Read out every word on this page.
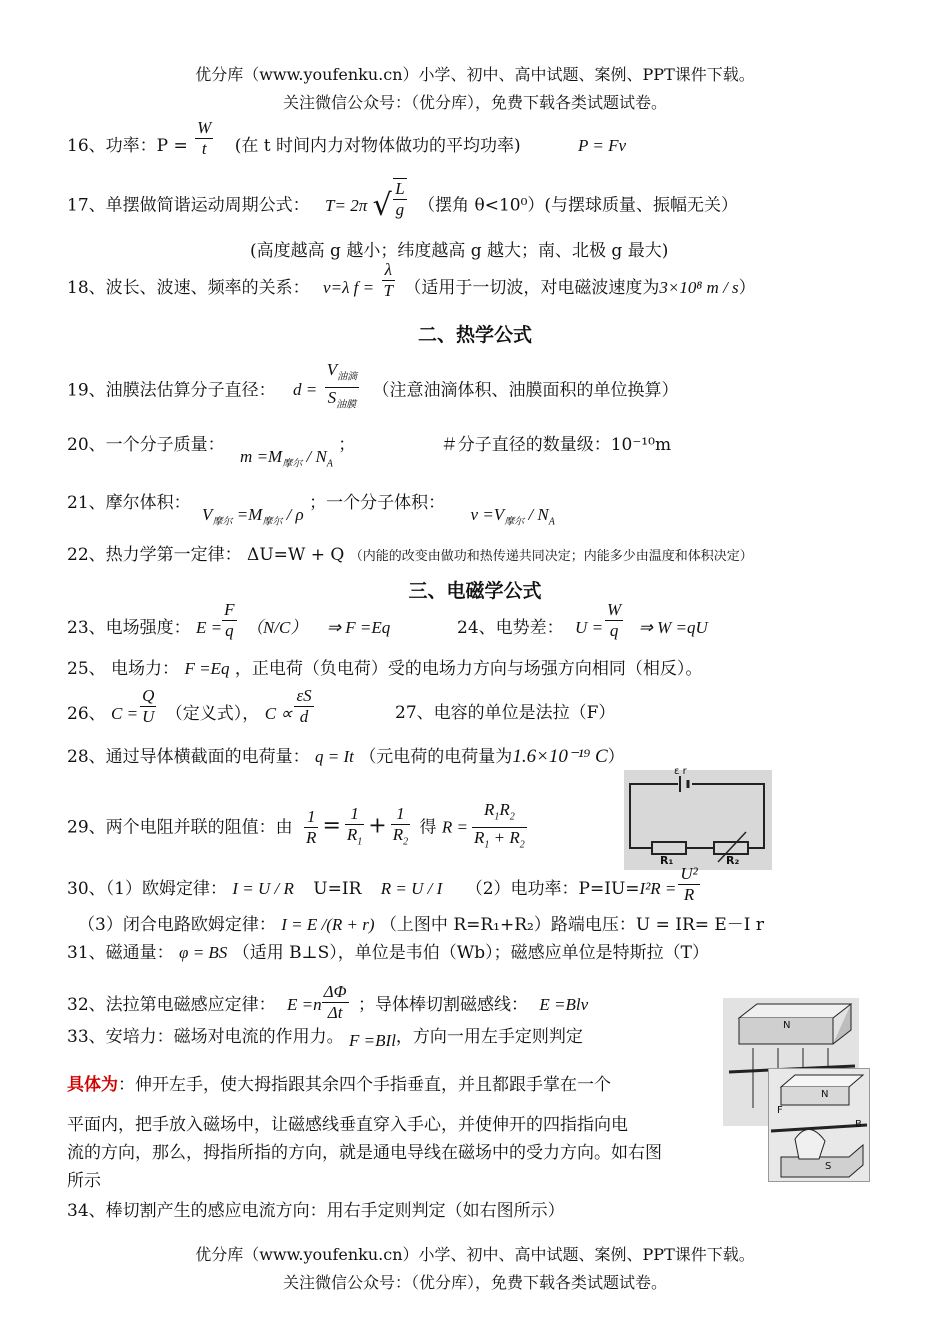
优分库（www.youfenku.cn）小学、初中、高中试题、案例、PPT课件下载。
关注微信公众号：（优分库），免费下载各类试题试卷。
16、功率：$P = \frac{W}{t}$ (在 t 时间内力对物体做功的平均功率)	P = Fv
17、单摆做简谐运动周期公式： T= 2π √ $\frac{L}{g}$ （摆角 θ<10⁰）(与摆球质量、振幅无关）
(高度越高 g 越小；纬度越高 g 越大；南、北极 g 最大)
18、波长、波速、频率的关系： v=λ $f = \frac{\lambda}{T}$ （适用于一切波，对电磁波速度为3×10⁸ m / s）
二、热学公式
19、油膜法估算分子直径： $d = \frac{V_{油滴}}{S_{油膜}}$ （注意油滴体积、油膜面积的单位换算）
20、一个分子质量： $m =M_{摩尔} / N_A$ ；	＃分子直径的数量级：10⁻¹⁰m
21、摩尔体积： $V_{摩尔} =M_{摩尔} / \rho$ ；一个分子体积： $v =V_{摩尔} / N_A$
22、热力学第一定律： ΔU=W + Q （内能的改变由做功和热传递共同决定；内能多少由温度和体积决定）
三、电磁学公式
23、电场强度： $E = \frac{F}{q} (N/C)$ ⇒ F =Eq	24、电势差： $U = \frac{W}{q}$ ⇒ W =qU
25、 电场力： F =Eq ，正电荷（负电荷）受的电场力方向与场强方向相同（相反）。
26、 $C = \frac{Q}{U}$ （定义式）， $C \propto \frac{\varepsilon S}{d}$	27、电容的单位是法拉（F）
28、通过导体横截面的电荷量： q = It （元电荷的电荷量为1.6×10⁻¹⁹ C）
29、两个电阻并联的阻值：由 $\frac{1}{R} = \frac{1}{R_1} + \frac{1}{R_2}$ 得 $R = \frac{R_1R_2}{R_1 + R_2}$
ε r
R₁	R₂
30、（1）欧姆定律： I = U / R U=IR R = U / I （2）电功率：$P=IU=I^2R = \frac{\text{U²}}{R}$
（3）闭合电路欧姆定律： I = E /(R + r) （上图中 R=R₁+R₂）路端电压：U = IR= E－I r
31、磁通量： φ = BS （适用 B⊥S），单位是韦伯（Wb）；磁感应单位是特斯拉（T）
32、法拉第电磁感应定律： $E =n \frac{\Delta\Phi}{\Delta t}$ ；导体棒切割磁感线： E =Blv
33、安培力：磁场对电流的作用力。 F =BIl，方向一用左手定则判定
N
N
F
B
S
具体为：伸开左手，使大拇指跟其余四个手指垂直，并且都跟手掌在一个
平面内，把手放入磁场中，让磁感线垂直穿入手心，并使伸开的四指指向电
流的方向，那么，拇指所指的方向，就是通电导线在磁场中的受力方向。如右图
所示
34、棒切割产生的感应电流方向：用右手定则判定（如右图所示）
优分库（www.youfenku.cn）小学、初中、高中试题、案例、PPT课件下载。
关注微信公众号：（优分库），免费下载各类试题试卷。
